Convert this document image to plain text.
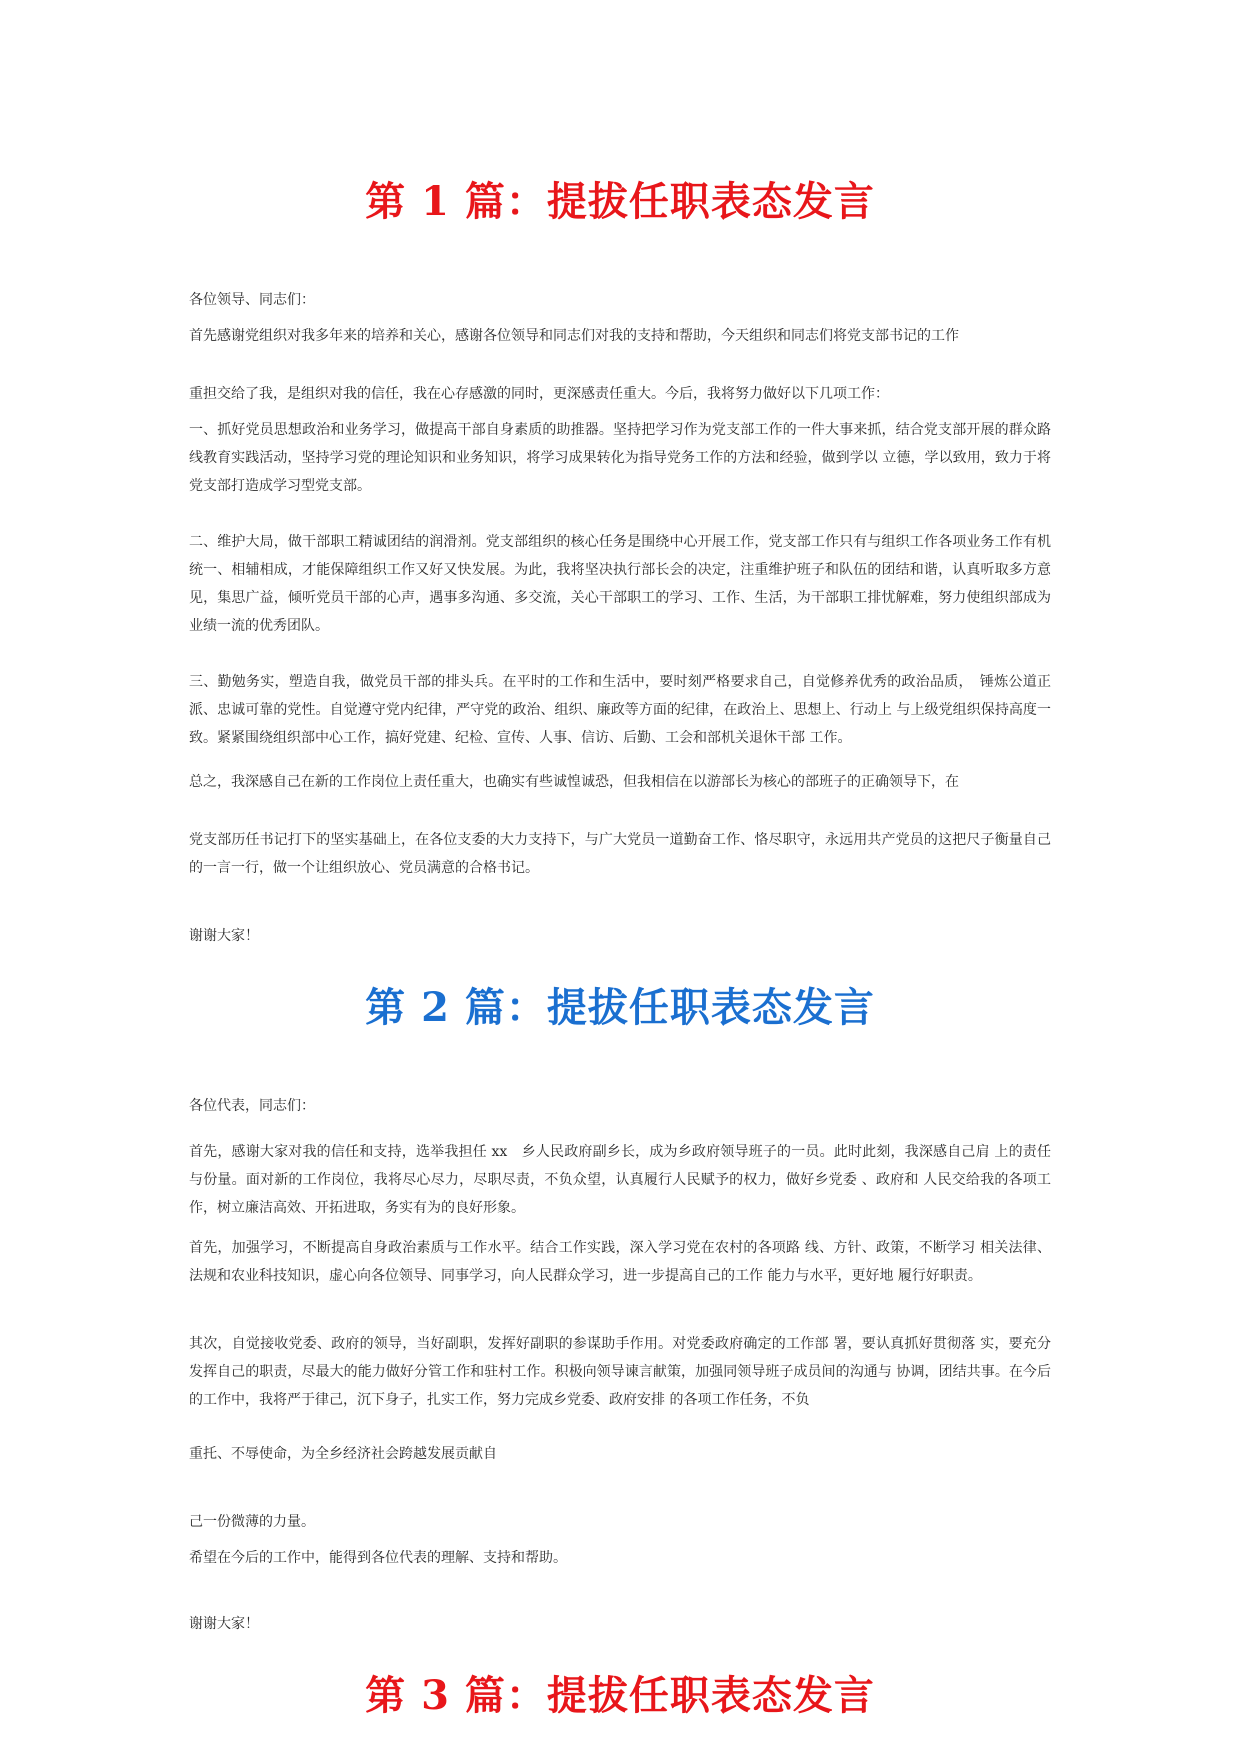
第 1 篇：提拔任职表态发言

各位领导、同志们：

首先感谢党组织对我多年来的培养和关心，感谢各位领导和同志们对我的支持和帮助，今天组织和同志们将党支部书记的工作

重担交给了我，是组织对我的信任，我在心存感激的同时，更深感责任重大。今后，我将努力做好以下几项工作：

一、抓好党员思想政治和业务学习，做提高干部自身素质的助推器。坚持把学习作为党支部工作的一件大事来抓，结合党支部开展的群众路线教育实践活动，坚持学习党的理论知识和业务知识，将学习成果转化为指导党务工作的方法和经验，做到学以 立德，学以致用，致力于将党支部打造成学习型党支部。

二、维护大局，做干部职工精诚团结的润滑剂。党支部组织的核心任务是围绕中心开展工作，党支部工作只有与组织工作各项业务工作有机统一、相辅相成，才能保障组织工作又好又快发展。为此，我将坚决执行部长会的决定，注重维护班子和队伍的团结和谐，认真听取多方意见，集思广益，倾听党员干部的心声，遇事多沟通、多交流，关心干部职工的学习、工作、生活，为干部职工排忧解难，努力使组织部成为业绩一流的优秀团队。

三、勤勉务实，塑造自我，做党员干部的排头兵。在平时的工作和生活中，要时刻严格要求自己，自觉修养优秀的政治品质，　锤炼公道正派、忠诚可靠的党性。自觉遵守党内纪律，严守党的政治、组织、廉政等方面的纪律，在政治上、思想上、行动上 与上级党组织保持高度一致。紧紧围绕组织部中心工作，搞好党建、纪检、宣传、人事、信访、后勤、工会和部机关退休干部 工作。

总之，我深感自己在新的工作岗位上责任重大，也确实有些诚惶诚恐，但我相信在以游部长为核心的部班子的正确领导下，在

党支部历任书记打下的坚实基础上，在各位支委的大力支持下，与广大党员一道勤奋工作、恪尽职守，永远用共产党员的这把尺子衡量自己的一言一行，做一个让组织放心、党员满意的合格书记。

谢谢大家！

第 2 篇：提拔任职表态发言

各位代表，同志们：

首先，感谢大家对我的信任和支持，选举我担任 xx　乡人民政府副乡长，成为乡政府领导班子的一员。此时此刻，我深感自己肩 上的责任与份量。面对新的工作岗位，我将尽心尽力，尽职尽责，不负众望，认真履行人民赋予的权力，做好乡党委 、政府和 人民交给我的各项工作，树立廉洁高效、开拓进取，务实有为的良好形象。

首先，加强学习，不断提高自身政治素质与工作水平。结合工作实践，深入学习党在农村的各项路 线、方针、政策，不断学习 相关法律、法规和农业科技知识，虚心向各位领导、同事学习，向人民群众学习，进一步提高自己的工作 能力与水平，更好地 履行好职责。

其次，自觉接收党委、政府的领导，当好副职，发挥好副职的参谋助手作用。对党委政府确定的工作部 署，要认真抓好贯彻落 实，要充分发挥自己的职责，尽最大的能力做好分管工作和驻村工作。积极向领导谏言献策，加强同领导班子成员间的沟通与 协调，团结共事。在今后的工作中，我将严于律己，沉下身子，扎实工作，努力完成乡党委、政府安排 的各项工作任务，不负

重托、不辱使命，为全乡经济社会跨越发展贡献自

己一份微薄的力量。

希望在今后的工作中，能得到各位代表的理解、支持和帮助。

谢谢大家！

第 3 篇：提拔任职表态发言
